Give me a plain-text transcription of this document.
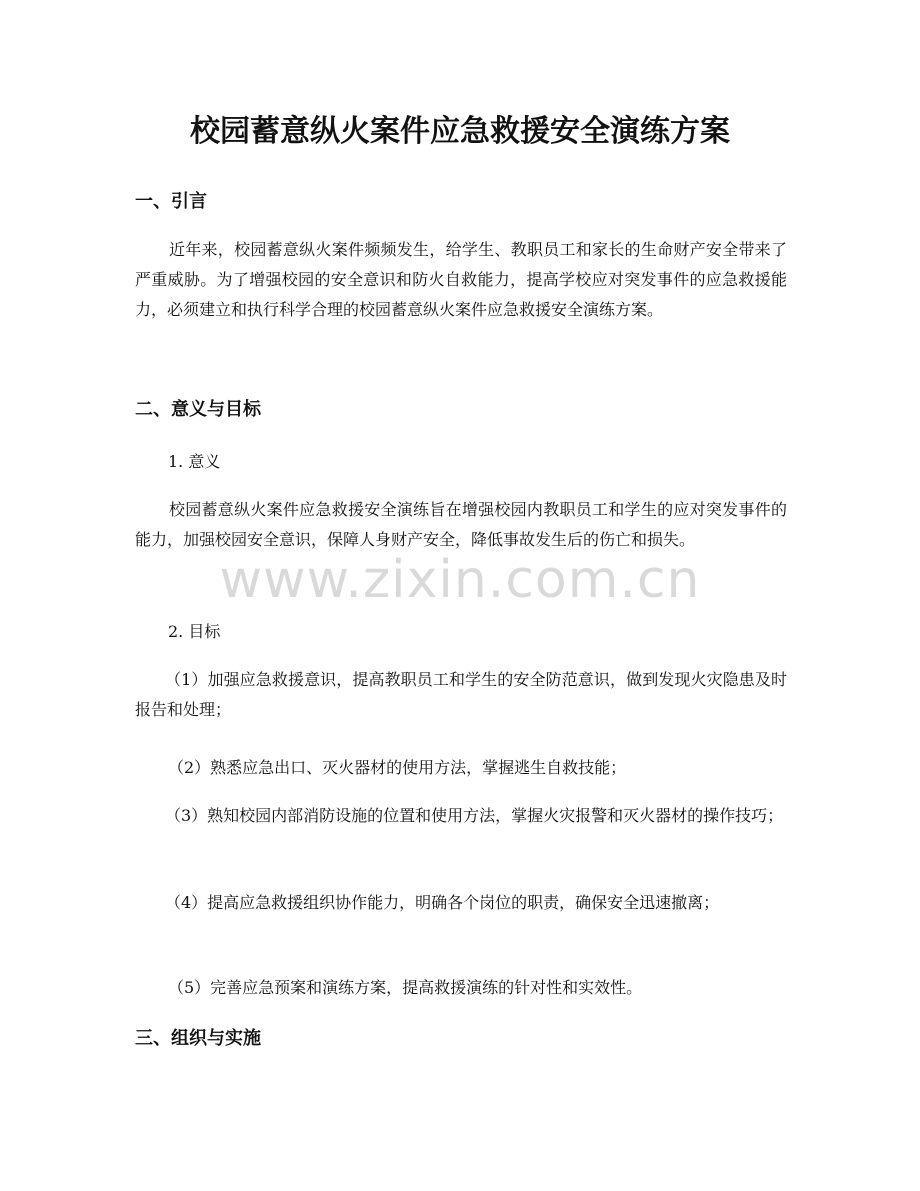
校园蓄意纵火案件应急救援安全演练方案
一、引言

近年来，校园蓄意纵火案件频频发生，给学生、教职员工和家长的生命财产安全带来了严重威胁。为了增强校园的安全意识和防火自救能力，提高学校应对突发事件的应急救援能力，必须建立和执行科学合理的校园蓄意纵火案件应急救援安全演练方案。

二、意义与目标
1. 意义

校园蓄意纵火案件应急救援安全演练旨在增强校园内教职员工和学生的应对突发事件的能力，加强校园安全意识，保障人身财产安全，降低事故发生后的伤亡和损失。

2. 目标

（1）加强应急救援意识，提高教职员工和学生的安全防范意识，做到发现火灾隐患及时报告和处理；

（2）熟悉应急出口、灭火器材的使用方法，掌握逃生自救技能；

（3）熟知校园内部消防设施的位置和使用方法，掌握火灾报警和灭火器材的操作技巧；

（4）提高应急救援组织协作能力，明确各个岗位的职责，确保安全迅速撤离；

（5）完善应急预案和演练方案，提高救援演练的针对性和实效性。
三、组织与实施
www.zixin.com.cn
